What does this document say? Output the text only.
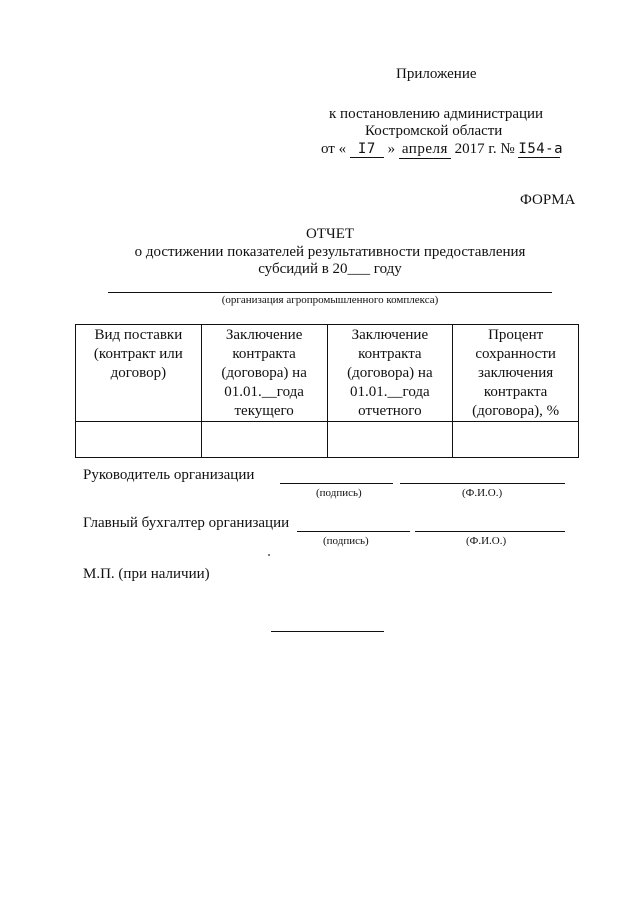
Приложение
к постановлению администрации
Костромской области
от « I7 » апреля 2017 г. № I54-а
ФОРМА
ОТЧЕТ
о достижении показателей результативности предоставления
субсидий в 20___ году
(организация агропромышленного комплекса)
Вид поставки (контракт или договор)	Заключение контракта (договора) на 01.01.__года текущего	Заключение контракта (договора) на 01.01.__года отчетного	Процент сохранности заключения контракта (договора), %

Руководитель организации
(подпись)	(Ф.И.О.)
Главный бухгалтер организации
(подпись)	(Ф.И.О.)
М.П. (при наличии)
